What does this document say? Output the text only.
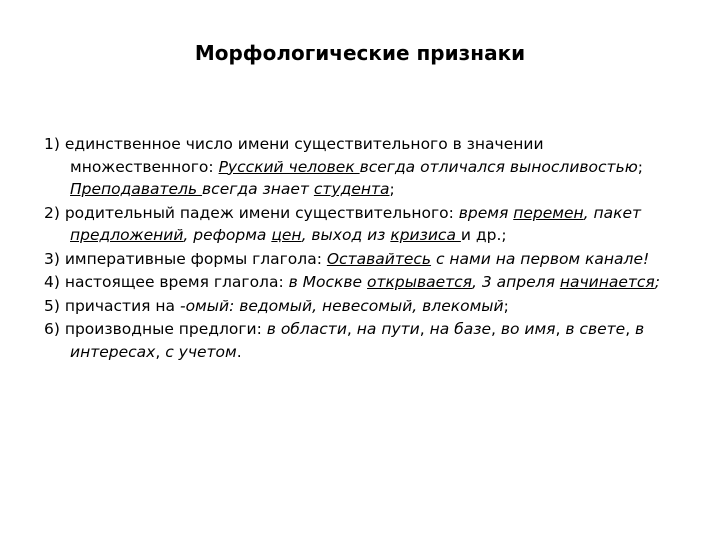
Морфологические признаки
1) единственное число имени существительного в значении множественного: Русский человек всегда отличался выносливостью; Преподаватель всегда знает студента;
2) родительный падеж имени существительного: время перемен, пакет предложений, реформа цен, выход из кризиса и др.;
3) императивные формы глагола: Оставайтесь с нами на первом канале!
4) настоящее время глагола: в Москве открывается, 3 апреля начинается;
5) причастия на -омый: ведомый, невесомый, влекомый;
6) производные предлоги: в области, на пути, на базе, во имя, в свете, в интересах, с учетом.
